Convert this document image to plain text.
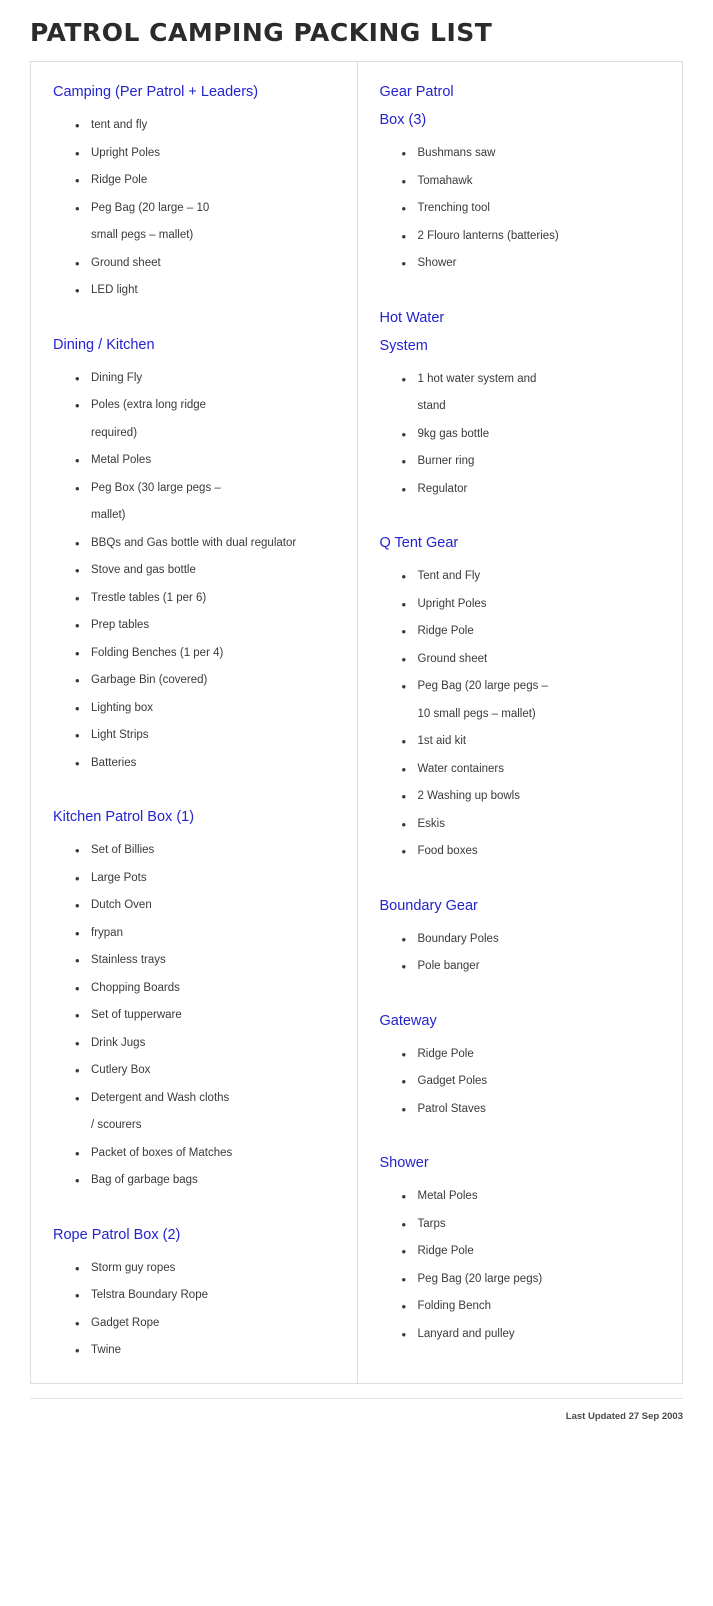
PATROL CAMPING PACKING LIST
Camping (Per Patrol + Leaders)
• tent and fly
• Upright Poles
• Ridge Pole
• Peg Bag (20 large – 10
small pegs – mallet)
• Ground sheet
• LED light
Dining / Kitchen
• Dining Fly
• Poles (extra long ridge
required)
• Metal Poles
• Peg Box (30 large pegs –
mallet)
• BBQs and Gas bottle with dual regulator
• Stove and gas bottle
• Trestle tables (1 per 6)
• Prep tables
• Folding Benches (1 per 4)
• Garbage Bin (covered)
• Lighting box
• Light Strips
• Batteries
Kitchen Patrol Box (1)
• Set of Billies
• Large Pots
• Dutch Oven
• frypan
• Stainless trays
• Chopping Boards
• Set of tupperware
• Drink Jugs
• Cutlery Box
• Detergent and Wash cloths
/ scourers
• Packet of boxes of Matches
• Bag of garbage bags
Rope Patrol Box (2)
• Storm guy ropes
• Telstra Boundary Rope
• Gadget Rope
• Twine
Gear Patrol
Box (3)
• Bushmans saw
• Tomahawk
• Trenching tool
• 2 Flouro lanterns (batteries)
• Shower
Hot Water
System
• 1 hot water system and
stand
• 9kg gas bottle
• Burner ring
• Regulator
Q Tent Gear
• Tent and Fly
• Upright Poles
• Ridge Pole
• Ground sheet
• Peg Bag (20 large pegs –
10 small pegs – mallet)
• 1st aid kit
• Water containers
• 2 Washing up bowls
• Eskis
• Food boxes
Boundary Gear
• Boundary Poles
• Pole banger
Gateway
• Ridge Pole
• Gadget Poles
• Patrol Staves
Shower
• Metal Poles
• Tarps
• Ridge Pole
• Peg Bag (20 large pegs)
• Folding Bench
• Lanyard and pulley
Last Updated 27 Sep 2003
